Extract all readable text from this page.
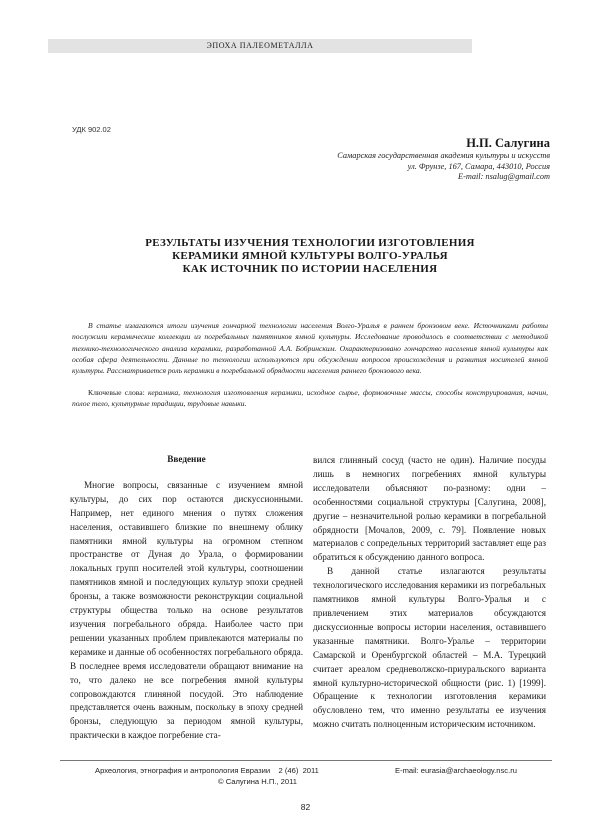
ЭПОХА ПАЛЕОМЕТАЛЛА
УДК 902.02
Н.П. Салугина
Самарская государственная академия культуры и искусств
ул. Фрунзе, 167, Самара, 443010, Россия
E-mail: nsalug@gmail.com
РЕЗУЛЬТАТЫ ИЗУЧЕНИЯ ТЕХНОЛОГИИ ИЗГОТОВЛЕНИЯ
КЕРАМИКИ ЯМНОЙ КУЛЬТУРЫ ВОЛГО-УРАЛЬЯ
КАК ИСТОЧНИК ПО ИСТОРИИ НАСЕЛЕНИЯ
В статье излагаются итоги изучения гончарной технологии населения Волго-Уралья в раннем бронзовом веке. Источниками работы послужили керамические коллекции из погребальных памятников ямной культуры. Исследование проводилось в соответствии с методикой технико-технологического анализа керамики, разработанной А.А. Бобринским. Охарактеризовано гончарство населения ямной культуры как особая сфера деятельности. Данные по технологии используются при обсуждении вопросов происхождения и развития носителей ямной культуры. Рассматривается роль керамики в погребальной обрядности населения раннего бронзового века.
Ключевые слова: керамика, технология изготовления керамики, исходное сырье, формовочные массы, способы конструирования, начин, полое тело, культурные традиции, трудовые навыки.
Введение

Многие вопросы, связанные с изучением ямной культуры, до сих пор остаются дискуссионными. Например, нет единого мнения о путях сложения населения, оставившего близкие по внешнему облику памятники ямной культуры на огромном степном пространстве от Дуная до Урала, о формировании локальных групп носителей этой культуры, соотношении памятников ямной и последующих культур эпохи средней бронзы, а также возможности реконструкции социальной структуры общества только на основе результатов изучения погребального обряда. Наиболее часто при решении указанных проблем привлекаются материалы по керамике и данные об особенностях погребального обряда. В последнее время исследователи обращают внимание на то, что далеко не все погребения ямной культуры сопровождаются глиняной посудой. Это наблюдение представляется очень важным, поскольку в эпоху средней бронзы, следующую за периодом ямной культуры, практически в каждое погребение ста-

вился глиняный сосуд (часто не один). Наличие посуды лишь в немногих погребениях ямной культуры исследователи объясняют по-разному: одни – особенностями социальной структуры [Салугина, 2008], другие – незначительной ролью керамики в погребальной обрядности [Мочалов, 2009, с. 79]. Появление новых материалов с сопредельных территорий заставляет еще раз обратиться к обсуждению данного вопроса.

В данной статье излагаются результаты технологического исследования керамики из погребальных памятников ямной культуры Волго-Уралья и с привлечением этих материалов обсуждаются дискуссионные вопросы истории населения, оставившего указанные памятники. Волго-Уралье – территории Самарской и Оренбургской областей – М.А. Турецкий считает ареалом средневолжско-приуральского варианта ямной культурно-исторической общности (рис. 1) [1999]. Обращение к технологии изготовления керамики обусловлено тем, что именно результаты ее изучения можно считать полноценным историческим источником.

Археология, этнография и антропология Евразии    2 (46)  2011	E-mail: eurasia@archaeology.nsc.ru
© Салугина Н.П., 2011
82
